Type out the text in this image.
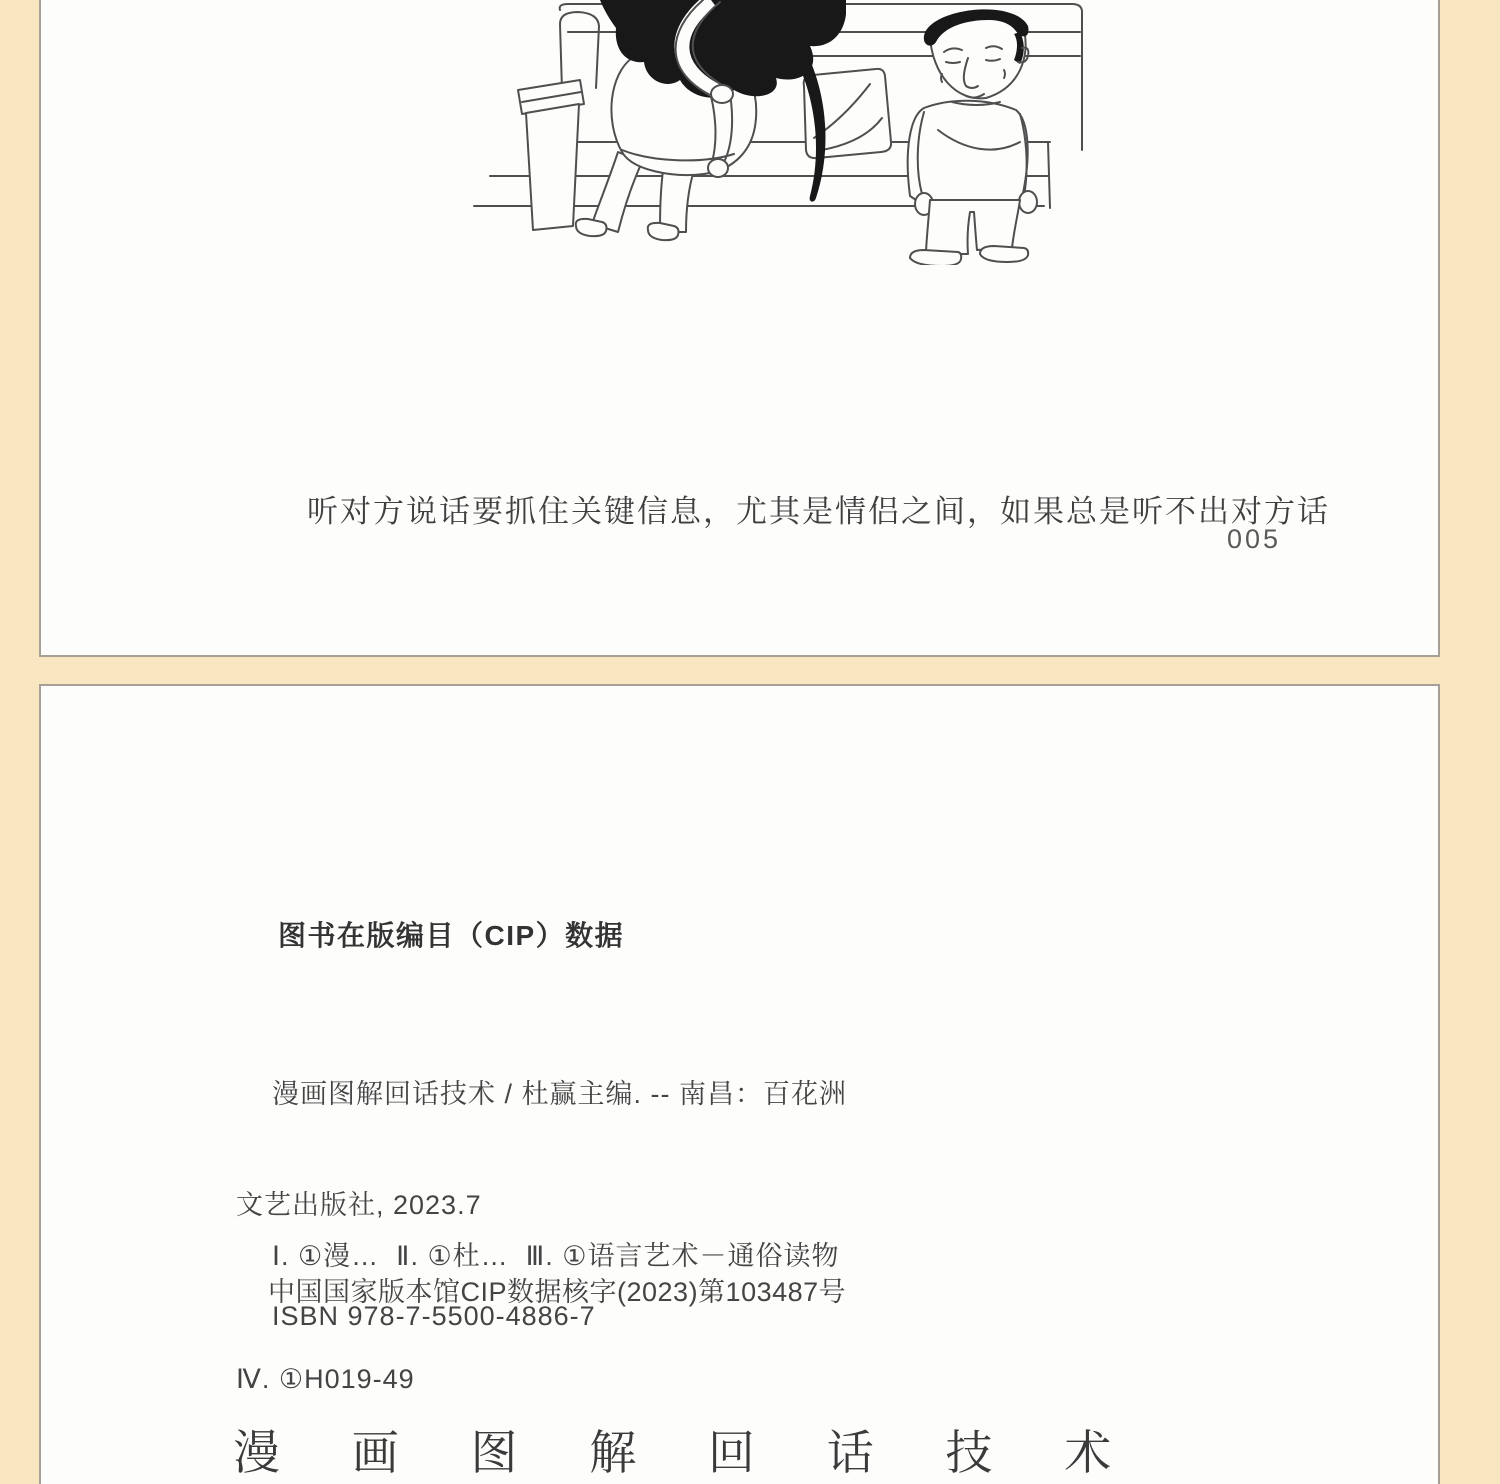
听对方说话要抓住关键信息，尤其是情侣之间，如果总是听不出对方话

005
图书在版编目（CIP）数据

漫画图解回话技术 / 杜赢主编. -- 南昌：百花洲

文艺出版社, 2023.7

ISBN 978-7-5500-4886-7

Ⅰ. ①漫…  Ⅱ. ①杜…  Ⅲ. ①语言艺术－通俗读物

Ⅳ. ①H019-49

中国国家版本馆CIP数据核字(2023)第103487号
漫 画 图 解 回 话 技 术
